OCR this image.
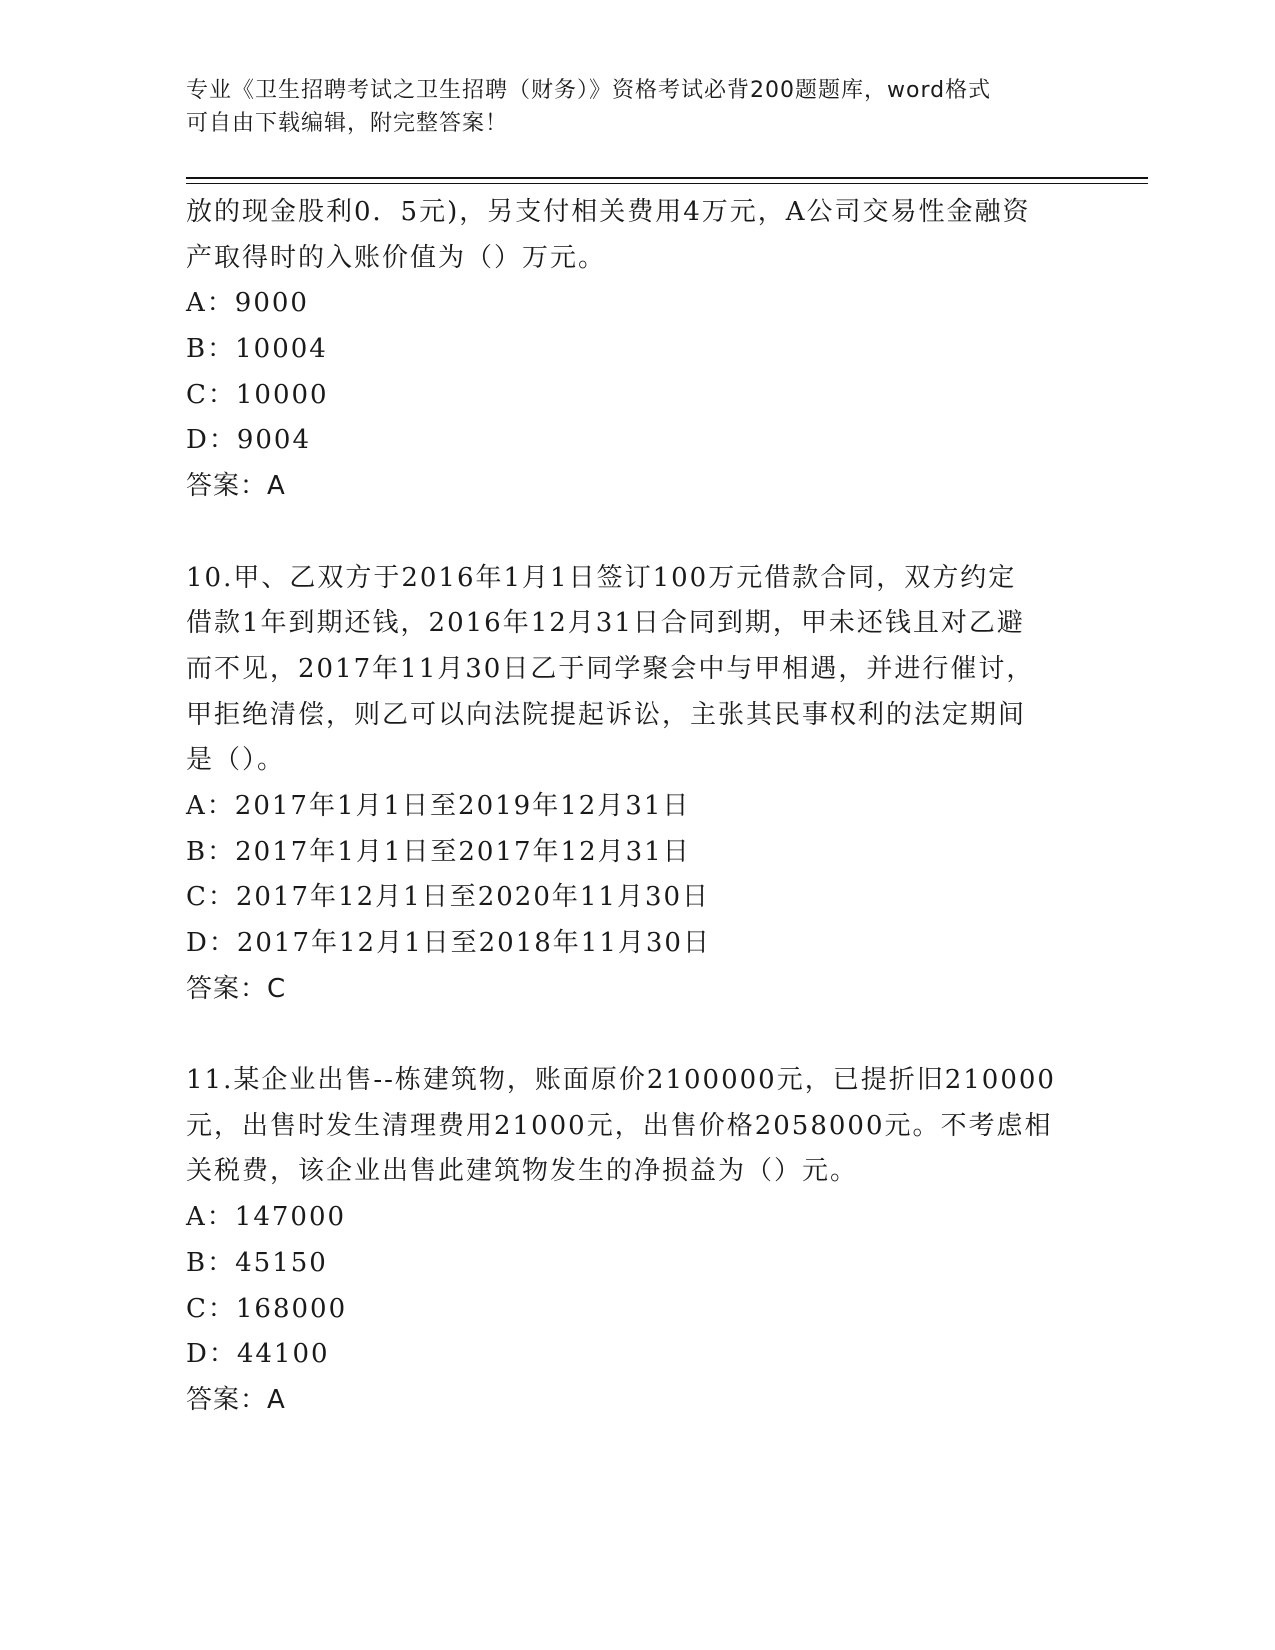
专业《卫生招聘考试之卫生招聘（财务）》资格考试必背200题题库，word格式
可自由下载编辑，附完整答案！
放的现金股利0．5元)，另支付相关费用4万元，A公司交易性金融资
产取得时的入账价值为（）万元。
A：9000
B：10004
C：10000
D：9004
答案：A
10.甲、乙双方于2016年1月1日签订100万元借款合同，双方约定
借款1年到期还钱，2016年12月31日合同到期，甲未还钱且对乙避
而不见，2017年11月30日乙于同学聚会中与甲相遇，并进行催讨，
甲拒绝清偿，则乙可以向法院提起诉讼，主张其民事权利的法定期间
是（）。
A：2017年1月1日至2019年12月31日
B：2017年1月1日至2017年12月31日
C：2017年12月1日至2020年11月30日
D：2017年12月1日至2018年11月30日
答案：C
11.某企业出售--栋建筑物，账面原价2100000元，已提折旧210000
元，出售时发生清理费用21000元，出售价格2058000元。不考虑相
关税费，该企业出售此建筑物发生的净损益为（）元。
A：147000
B：45150
C：168000
D：44100
答案：A
